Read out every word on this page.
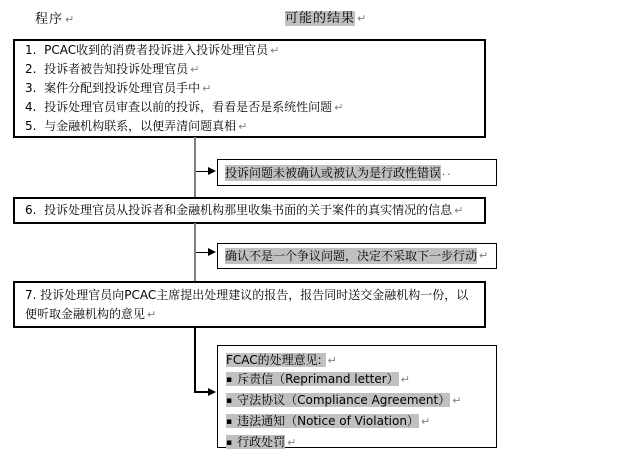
程序 ↵	可能的结果 ↵
1.  PCAC收到的消费者投诉进入投诉处理官员 ↵
2.  投诉者被告知投诉处理官员 ↵
3.  案件分配到投诉处理官员手中 ↵
4.  投诉处理官员审查以前的投诉，看看是否是系统性问题 ↵
5.  与金融机构联系，以便弄清问题真相 ↵
投诉问题未被确认或被认为是行政性错误 ..
6.  投诉处理官员从投诉者和金融机构那里收集书面的关于案件的真实情况的信息 ↵
确认不是一个争议问题，决定不采取下一步行动 ↵
7. 投诉处理官员向PCAC主席提出处理建议的报告，报告同时送交金融机构一份，以便听取金融机构的意见 ↵
FCAC的处理意见: ↵
▪ 斥责信（Reprimand letter） ↵
▪ 守法协议（Compliance Agreement） ↵
▪ 违法通知（Notice of Violation） ↵
▪ 行政处罚 ↵
